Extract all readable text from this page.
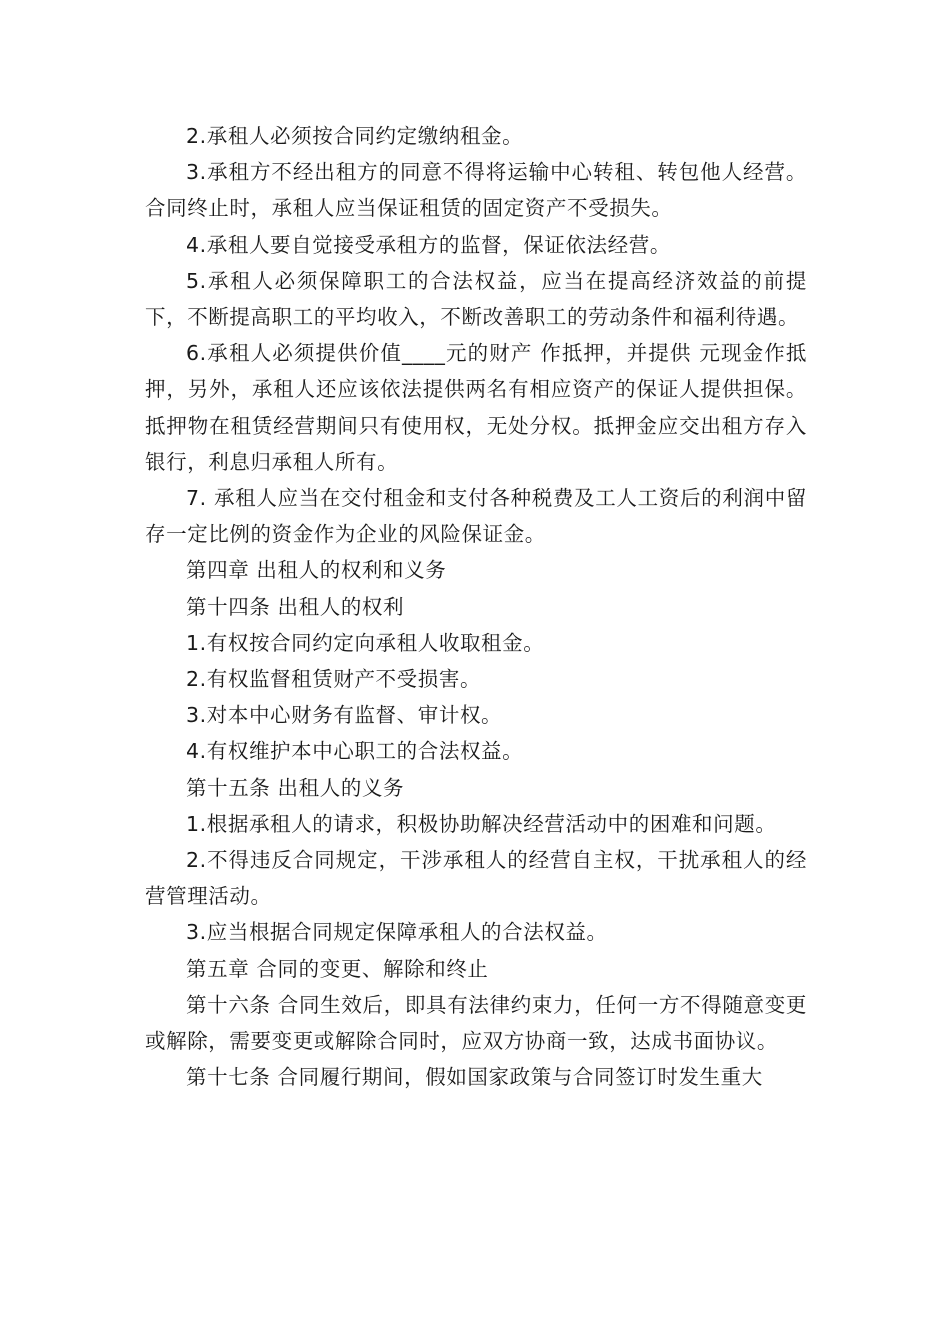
2.承租人必须按合同约定缴纳租金。

3.承租方不经出租方的同意不得将运输中心转租、转包他人经营。合同终止时，承租人应当保证租赁的固定资产不受损失。

4.承租人要自觉接受承租方的监督，保证依法经营。

5.承租人必须保障职工的合法权益，应当在提高经济效益的前提下，不断提高职工的平均收入，不断改善职工的劳动条件和福利待遇。

6.承租人必须提供价值____元的财产 作抵押，并提供 元现金作抵押，另外，承租人还应该依法提供两名有相应资产的保证人提供担保。抵押物在租赁经营期间只有使用权，无处分权。抵押金应交出租方存入银行，利息归承租人所有。

7. 承租人应当在交付租金和支付各种税费及工人工资后的利润中留存一定比例的资金作为企业的风险保证金。

第四章 出租人的权利和义务

第十四条 出租人的权利

1.有权按合同约定向承租人收取租金。

2.有权监督租赁财产不受损害。

3.对本中心财务有监督、审计权。

4.有权维护本中心职工的合法权益。

第十五条 出租人的义务

1.根据承租人的请求，积极协助解决经营活动中的困难和问题。

2.不得违反合同规定，干涉承租人的经营自主权，干扰承租人的经营管理活动。

3.应当根据合同规定保障承租人的合法权益。

第五章 合同的变更、解除和终止

第十六条 合同生效后，即具有法律约束力，任何一方不得随意变更或解除，需要变更或解除合同时，应双方协商一致，达成书面协议。

第十七条 合同履行期间，假如国家政策与合同签订时发生重大
